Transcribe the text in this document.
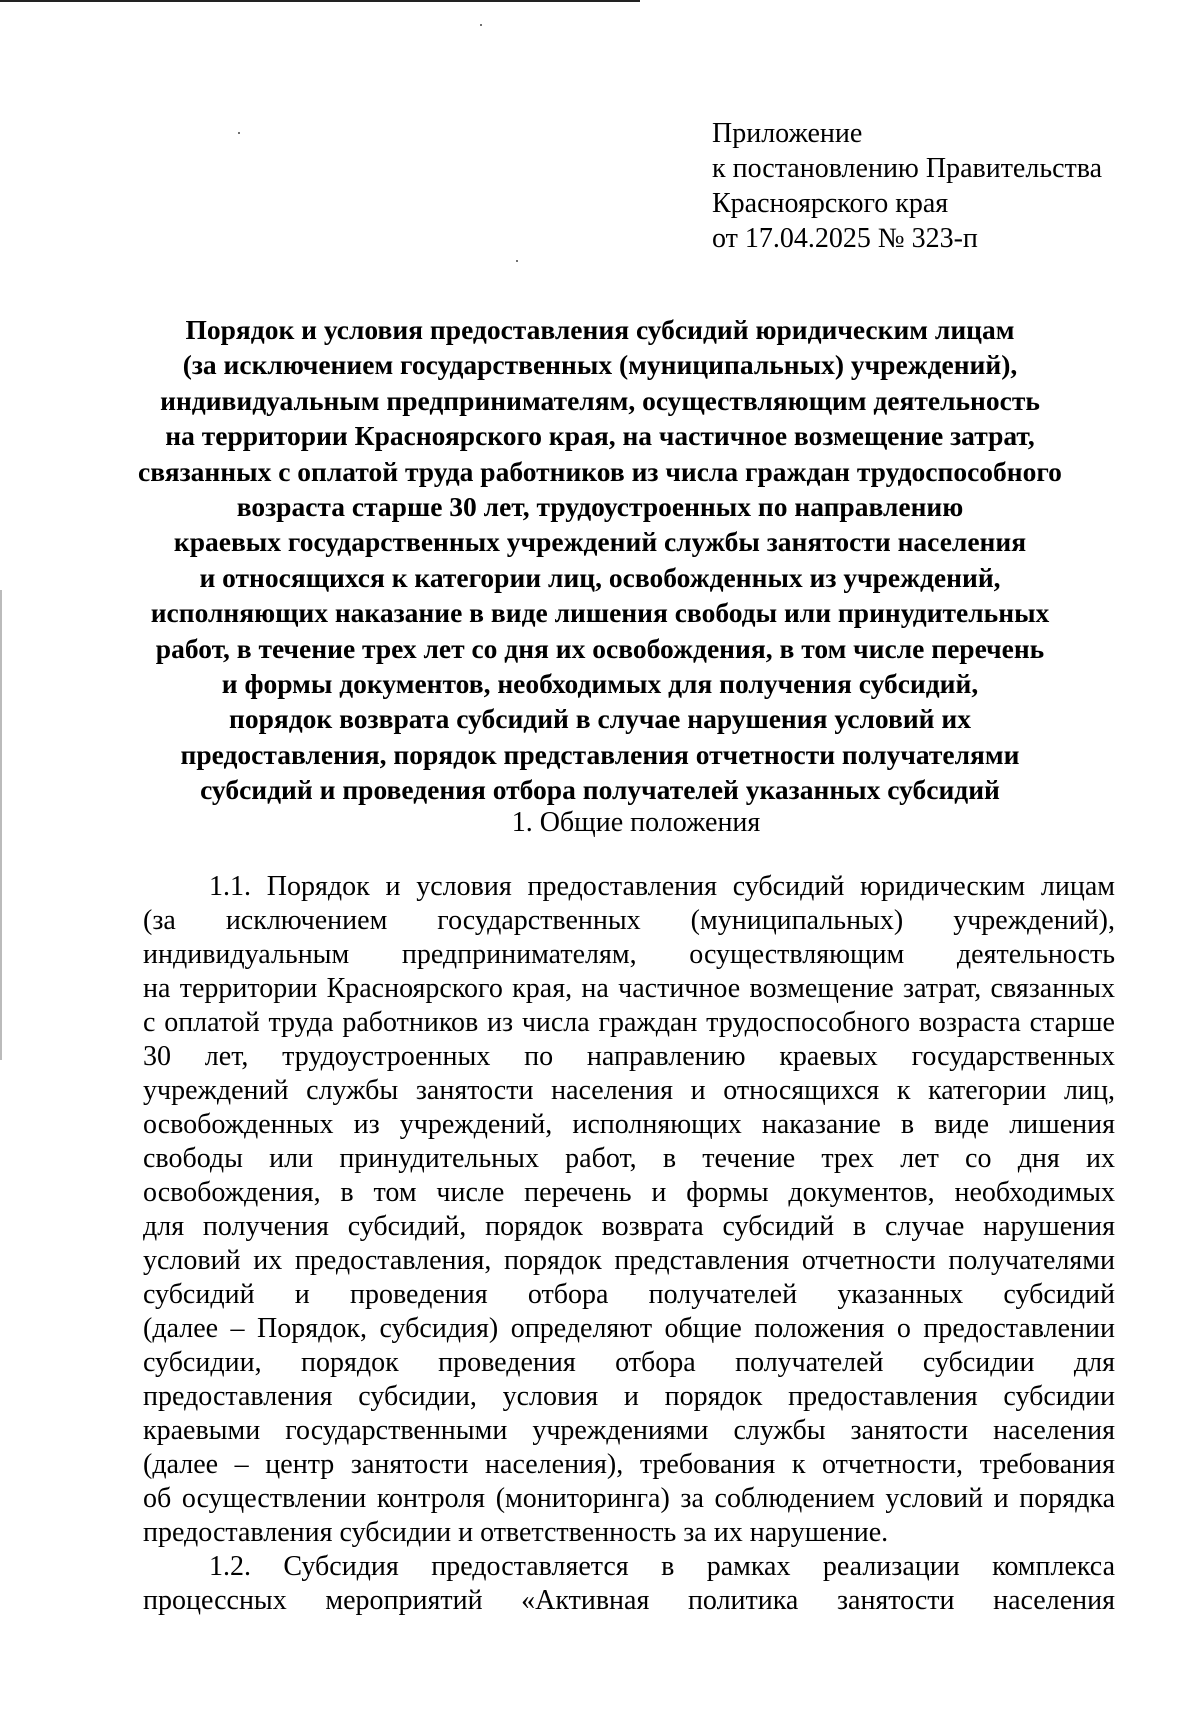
Приложение
к постановлению Правительства
Красноярского края
от 17.04.2025 № 323-п
Порядок и условия предоставления субсидий юридическим лицам
(за исключением государственных (муниципальных) учреждений),
индивидуальным предпринимателям, осуществляющим деятельность
на территории Красноярского края, на частичное возмещение затрат,
связанных с оплатой труда работников из числа граждан трудоспособного
возраста старше 30 лет, трудоустроенных по направлению
краевых государственных учреждений службы занятости населения
и относящихся к категории лиц, освобожденных из учреждений,
исполняющих наказание в виде лишения свободы или принудительных
работ, в течение трех лет со дня их освобождения, в том числе перечень
и формы документов, необходимых для получения субсидий,
порядок возврата субсидий в случае нарушения условий их
предоставления, порядок представления отчетности получателями
субсидий и проведения отбора получателей указанных субсидий
1. Общие положения
1.1. Порядок и условия предоставления субсидий юридическим лицам
(за исключением государственных (муниципальных) учреждений),
индивидуальным предпринимателям, осуществляющим деятельность
на территории Красноярского края, на частичное возмещение затрат, связанных
с оплатой труда работников из числа граждан трудоспособного возраста старше
30 лет, трудоустроенных по направлению краевых государственных
учреждений службы занятости населения и относящихся к категории лиц,
освобожденных из учреждений, исполняющих наказание в виде лишения
свободы или принудительных работ, в течение трех лет со дня их
освобождения, в том числе перечень и формы документов, необходимых
для получения субсидий, порядок возврата субсидий в случае нарушения
условий их предоставления, порядок представления отчетности получателями
субсидий и проведения отбора получателей указанных субсидий
(далее – Порядок, субсидия) определяют общие положения о предоставлении
субсидии, порядок проведения отбора получателей субсидии для
предоставления субсидии, условия и порядок предоставления субсидии
краевыми государственными учреждениями службы занятости населения
(далее – центр занятости населения), требования к отчетности, требования
об осуществлении контроля (мониторинга) за соблюдением условий и порядка
предоставления субсидии и ответственность за их нарушение.
1.2. Субсидия предоставляется в рамках реализации комплекса
процессных мероприятий «Активная политика занятости населения
